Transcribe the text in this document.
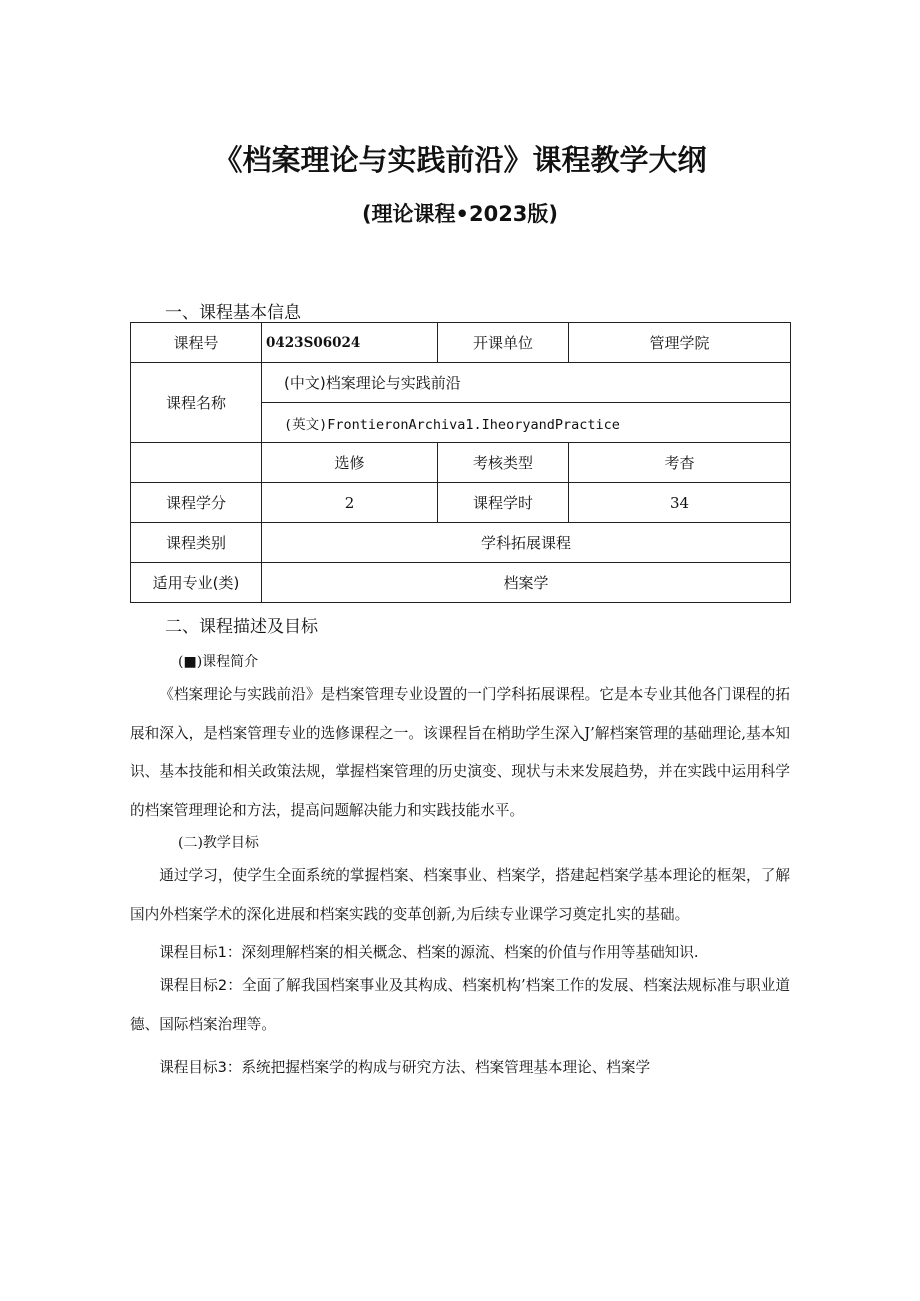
《档案理论与实践前沿》课程教学大纲
(理论课程•2023版)
一、课程基本信息
课程号	0423S06024	开课单位	管理学院
课程名称	(中文)档案理论与实践前沿		
	(英文)FrontieronArchiva1.IheoryandPractice		
	选修	考核类型	考杳
课程学分	2	课程学时	34
课程类别	学科拓展课程		
适用专业(类)	档案学		
二、课程描述及目标
(■)课程简介
《档案理论与实践前沿》是档案管理专业设置的一门学科拓展课程。它是本专业其他各门课程的拓展和深入，是档案管理专业的选修课程之一。该课程旨在梢助学生深入J’解档案管理的基础理论,基本知识、基本技能和相关政策法规，掌握档案管理的历史演变、现状与未来发展趋势，并在实践中运用科学的档案管理理论和方法，提高问题解决能力和实践技能水平。
(二)教学目标
通过学习，使学生全面系统的掌握档案、档案事业、档案学，搭建起档案学基本理论的框架，了解国内外档案学术的深化进展和档案实践的变革创新,为后续专业课学习奠定扎实的基础。
课程目标1：深刻理解档案的相关概念、档案的源流、档案的价值与作用等基础知识.
课程目标2：全面了解我国档案事业及其构成、档案机构’档案工作的发展、档案法规标准与职业道德、国际档案治理等。
课程目标3：系统把握档案学的构成与研究方法、档案管理基本理论、档案学
